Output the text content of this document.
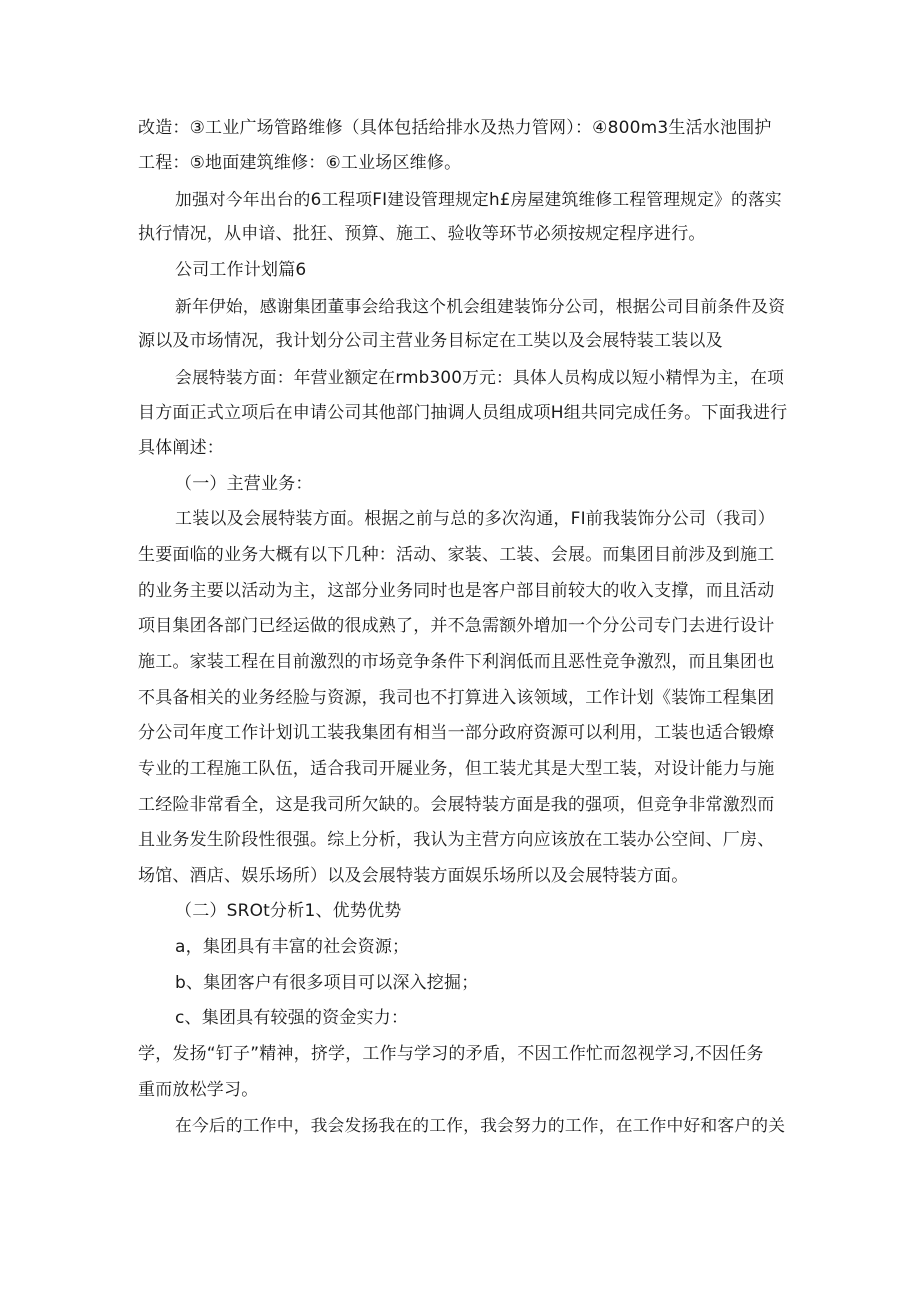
改造：③工业广场管路维修（具体包括给排水及热力管网）：④800m3生活水池围护
工程：⑤地面建筑维修：⑥工业场区维修。
加强对今年出台的6工程项FI建设管理规定h£房屋建筑维修工程管理规定》的落实
执行情况，从申谙、批狂、预算、施工、验收等环节必须按规定程序进行。
公司工作计划篇6
新年伊始，感谢集团董事会给我这个机会组建装饰分公司，根据公司目前条件及资
源以及市场情况，我计划分公司主营业务目标定在工奘以及会展特装工装以及
会展特装方面：年营业额定在rmb300万元：具体人员构成以短小精悍为主，在项
目方面正式立项后在申请公司其他部门抽调人员组成项H组共同完成任务。下面我进行
具体阐述：
（一）主营业务：
工装以及会展特装方面。根据之前与总的多次沟通，FI前我装饰分公司（我司）
生要面临的业务大概有以下几种：活动、家装、工装、会展。而集团目前涉及到施工
的业务主要以活动为主，这部分业务同时也是客户部目前较大的收入支撑，而且活动
项目集团各部门已经运做的很成熟了，并不急需额外增加一个分公司专门去进行设计
施工。家装工程在目前激烈的市场竞争条件下利润低而且恶性竞争激烈，而且集团也
不具备相关的业务经脸与资源，我司也不打算进入该领域，工作计划《装饰工程集团
分公司年度工作计划讥工装我集团有相当一部分政府资源可以利用，工装也适合锻燎
专业的工程施工队伍，适合我司开屣业务，但工装尤其是大型工装，对设计能力与施
工经险非常看全，这是我司所欠缺的。会展特装方面是我的强项，但竞争非常激烈而
且业务发生阶段性很强。综上分析，我认为主营方向应该放在工装办公空间、厂房、
场馆、酒店、娱乐场所）以及会展特装方面娱乐场所以及会展特装方面。
（二）SROt分析1、优势优势
a，集团具有丰富的社会资源；
b、集团客户有很多项目可以深入挖掘；
c、集团具有较强的资金实力：
学，发扬“钉子”精神，挤学，工作与学习的矛盾，不因工作忙而忽视学习,不因任务
重而放松学习。
在今后的工作中，我会发扬我在的工作，我会努力的工作，在工作中好和客户的关
